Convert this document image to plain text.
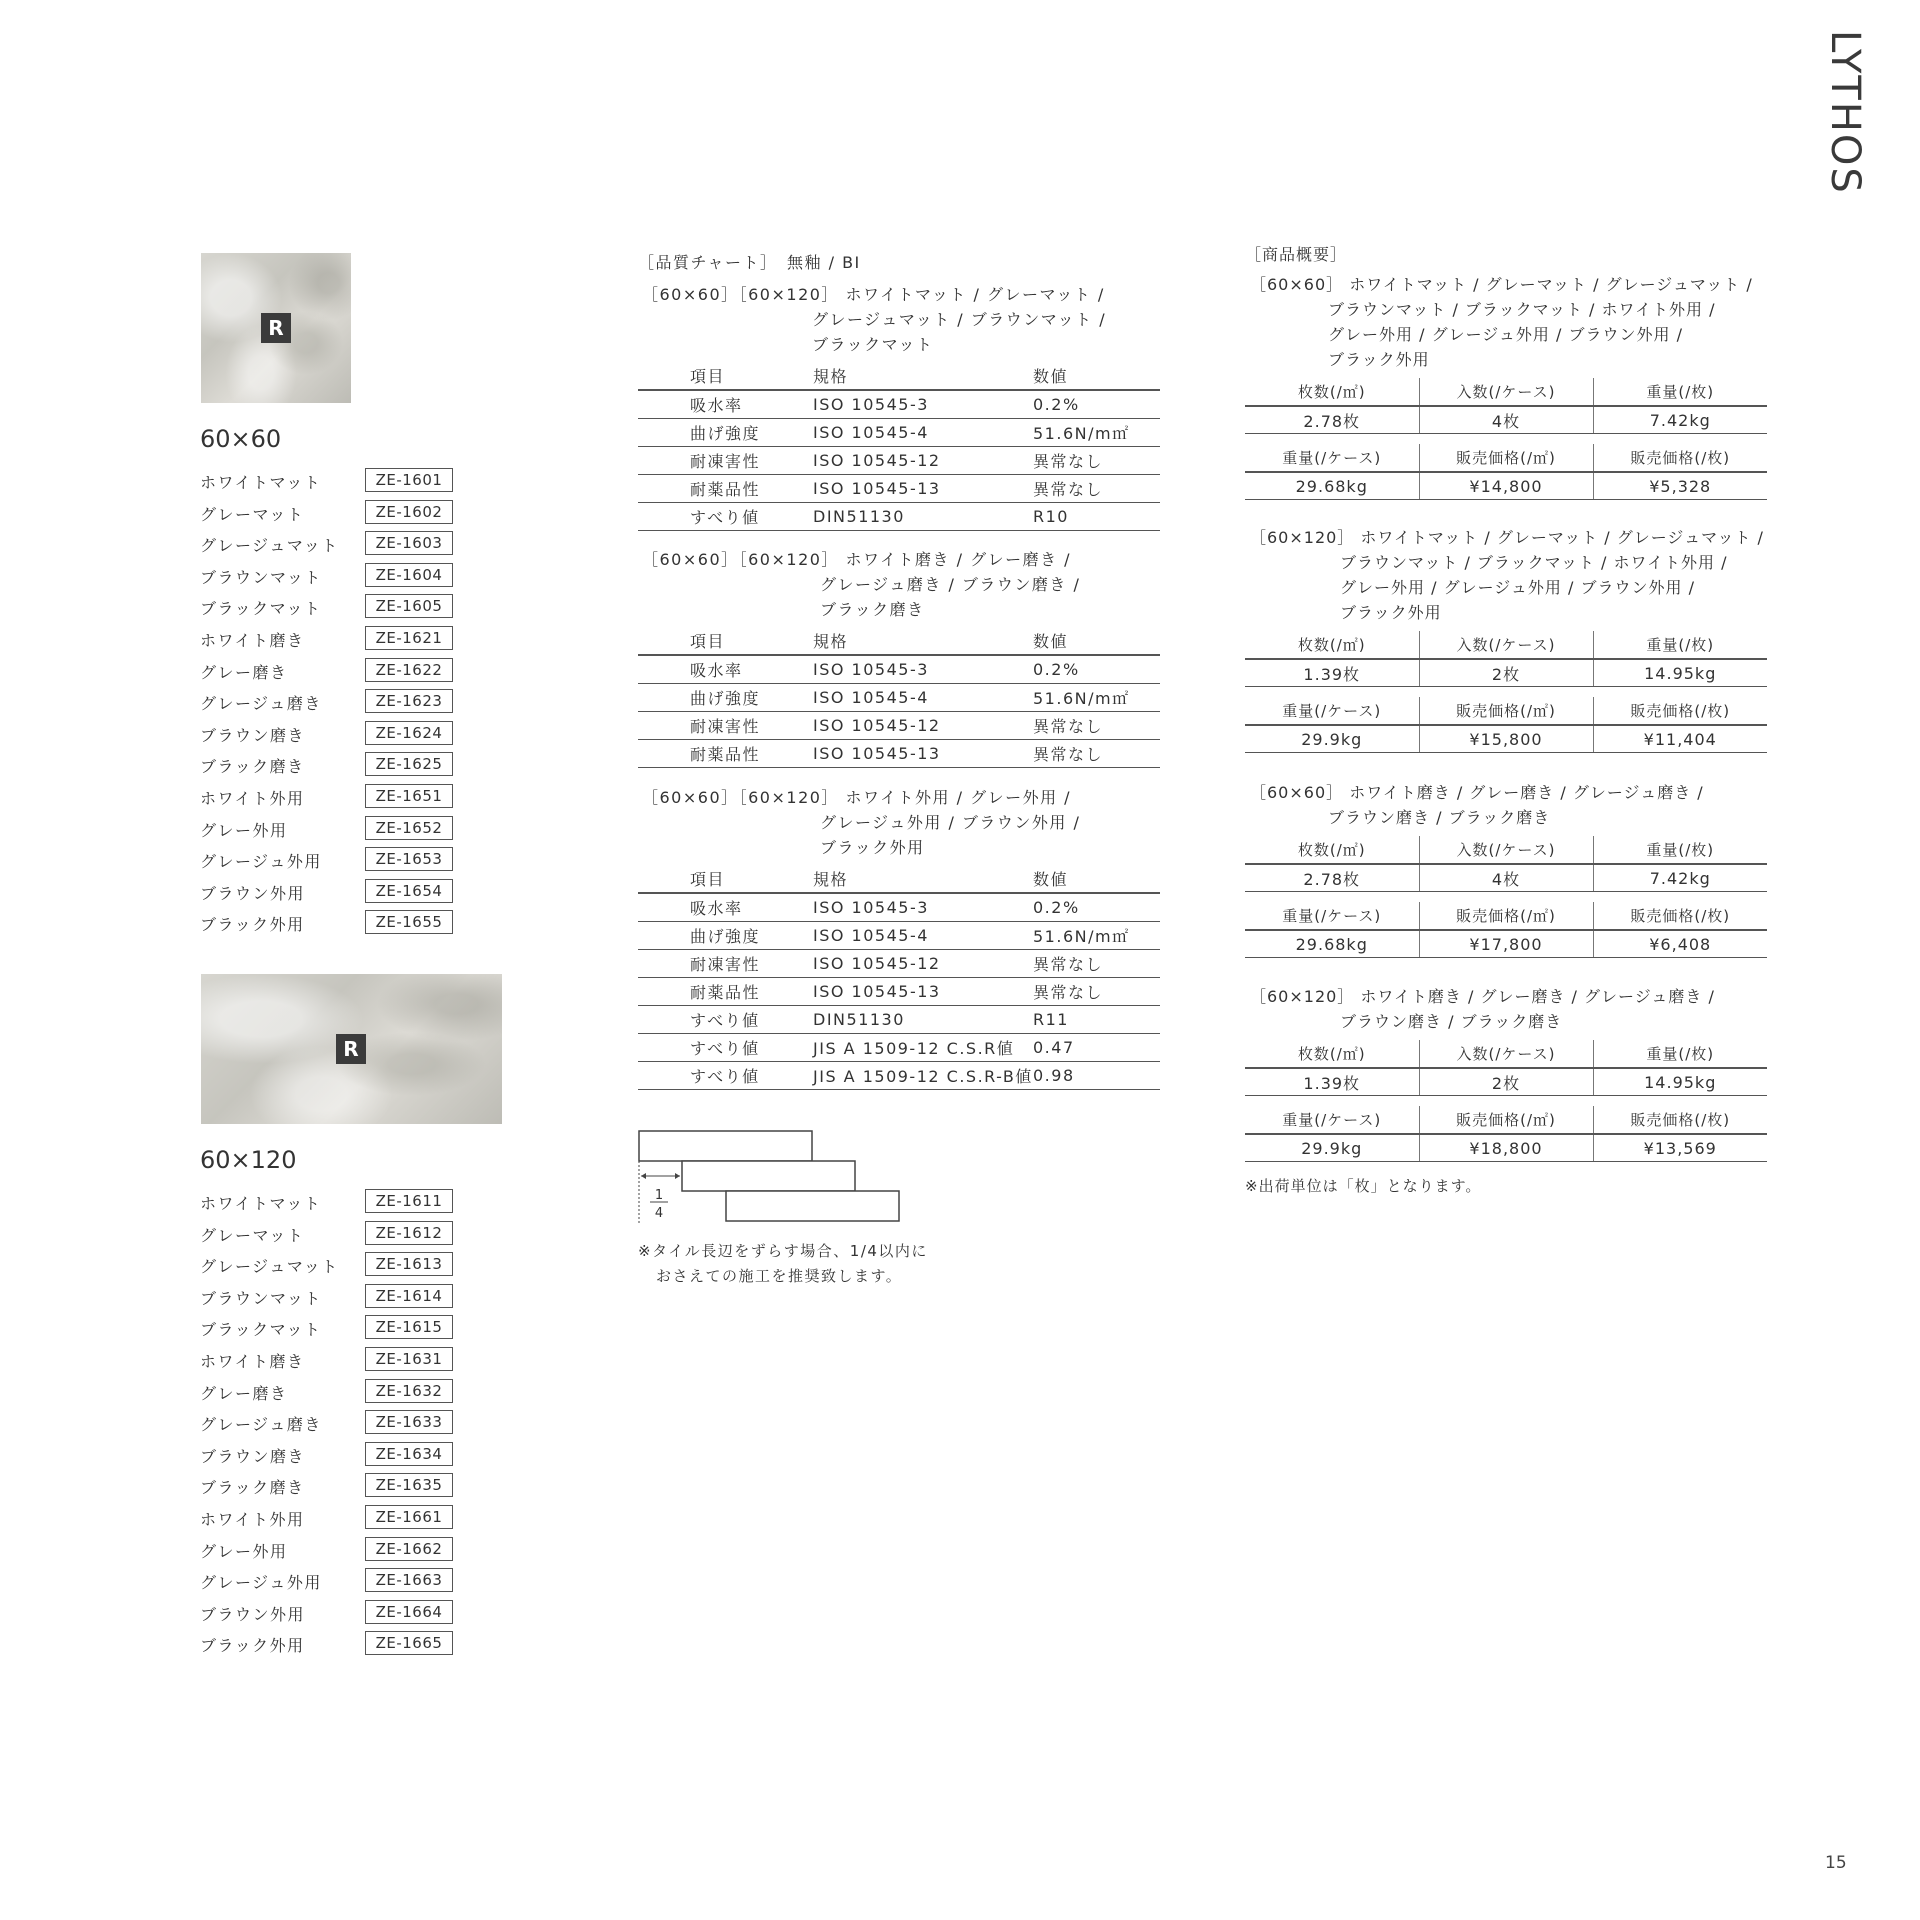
LYTHOS
15
R
60×60
ホワイトマット	ZE-1601
グレーマット	ZE-1602
グレージュマット	ZE-1603
ブラウンマット	ZE-1604
ブラックマット	ZE-1605
ホワイト磨き	ZE-1621
グレー磨き	ZE-1622
グレージュ磨き	ZE-1623
ブラウン磨き	ZE-1624
ブラック磨き	ZE-1625
ホワイト外用	ZE-1651
グレー外用	ZE-1652
グレージュ外用	ZE-1653
ブラウン外用	ZE-1654
ブラック外用	ZE-1655
R
60×120
ホワイトマット	ZE-1611
グレーマット	ZE-1612
グレージュマット	ZE-1613
ブラウンマット	ZE-1614
ブラックマット	ZE-1615
ホワイト磨き	ZE-1631
グレー磨き	ZE-1632
グレージュ磨き	ZE-1633
ブラウン磨き	ZE-1634
ブラック磨き	ZE-1635
ホワイト外用	ZE-1661
グレー外用	ZE-1662
グレージュ外用	ZE-1663
ブラウン外用	ZE-1664
ブラック外用	ZE-1665
［品質チャート］　無釉 / BⅠ
［60×60］［60×120］ ホワイトマット / グレーマット /
グレージュマット / ブラウンマット /
ブラックマット
項目	規格	数値
吸水率	ISO 10545-3	0.2%
曲げ強度	ISO 10545-4	51.6N/m㎡
耐凍害性	ISO 10545-12	異常なし
耐薬品性	ISO 10545-13	異常なし
すべり値	DIN51130	R10
［60×60］［60×120］ ホワイト磨き / グレー磨き /
グレージュ磨き / ブラウン磨き /
ブラック磨き
項目	規格	数値
吸水率	ISO 10545-3	0.2%
曲げ強度	ISO 10545-4	51.6N/m㎡
耐凍害性	ISO 10545-12	異常なし
耐薬品性	ISO 10545-13	異常なし
［60×60］［60×120］ ホワイト外用 / グレー外用 /
グレージュ外用 / ブラウン外用 /
ブラック外用
項目	規格	数値
吸水率	ISO 10545-3	0.2%
曲げ強度	ISO 10545-4	51.6N/m㎡
耐凍害性	ISO 10545-12	異常なし
耐薬品性	ISO 10545-13	異常なし
すべり値	DIN51130	R11
すべり値	JIS A 1509-12 C.S.R値	0.47
すべり値	JIS A 1509-12 C.S.R-B値	0.98
1
4
※タイル長辺をずらす場合、1/4以内に
おさえての施工を推奨致します。
［商品概要］
［60×60］ ホワイトマット / グレーマット / グレージュマット /
ブラウンマット / ブラックマット / ホワイト外用 /
グレー外用 / グレージュ外用 / ブラウン外用 /
ブラック外用
枚数(/㎡)	入数(/ケース)	重量(/枚)
2.78枚	4枚	7.42kg

重量(/ケース)	販売価格(/㎡)	販売価格(/枚)
29.68kg	¥14,800	¥5,328
［60×120］ ホワイトマット / グレーマット / グレージュマット /
ブラウンマット / ブラックマット / ホワイト外用 /
グレー外用 / グレージュ外用 / ブラウン外用 /
ブラック外用
枚数(/㎡)	入数(/ケース)	重量(/枚)
1.39枚	2枚	14.95kg

重量(/ケース)	販売価格(/㎡)	販売価格(/枚)
29.9kg	¥15,800	¥11,404
［60×60］ ホワイト磨き / グレー磨き / グレージュ磨き /
ブラウン磨き / ブラック磨き
枚数(/㎡)	入数(/ケース)	重量(/枚)
2.78枚	4枚	7.42kg

重量(/ケース)	販売価格(/㎡)	販売価格(/枚)
29.68kg	¥17,800	¥6,408
［60×120］ ホワイト磨き / グレー磨き / グレージュ磨き /
ブラウン磨き / ブラック磨き
枚数(/㎡)	入数(/ケース)	重量(/枚)
1.39枚	2枚	14.95kg

重量(/ケース)	販売価格(/㎡)	販売価格(/枚)
29.9kg	¥18,800	¥13,569
※出荷単位は「枚」となります。
